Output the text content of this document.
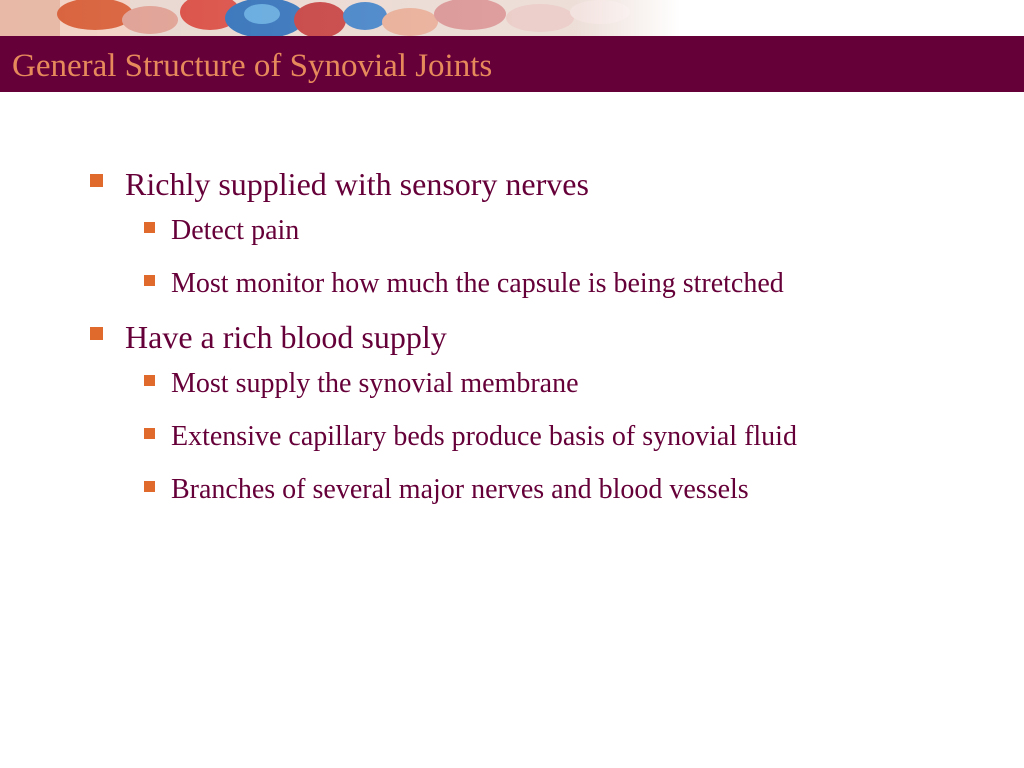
General Structure of Synovial Joints
Richly supplied with sensory nerves
Detect pain
Most monitor how much the capsule is being stretched
Have a rich blood supply
Most supply the synovial membrane
Extensive capillary beds produce basis of synovial fluid
Branches of several major nerves and blood vessels
